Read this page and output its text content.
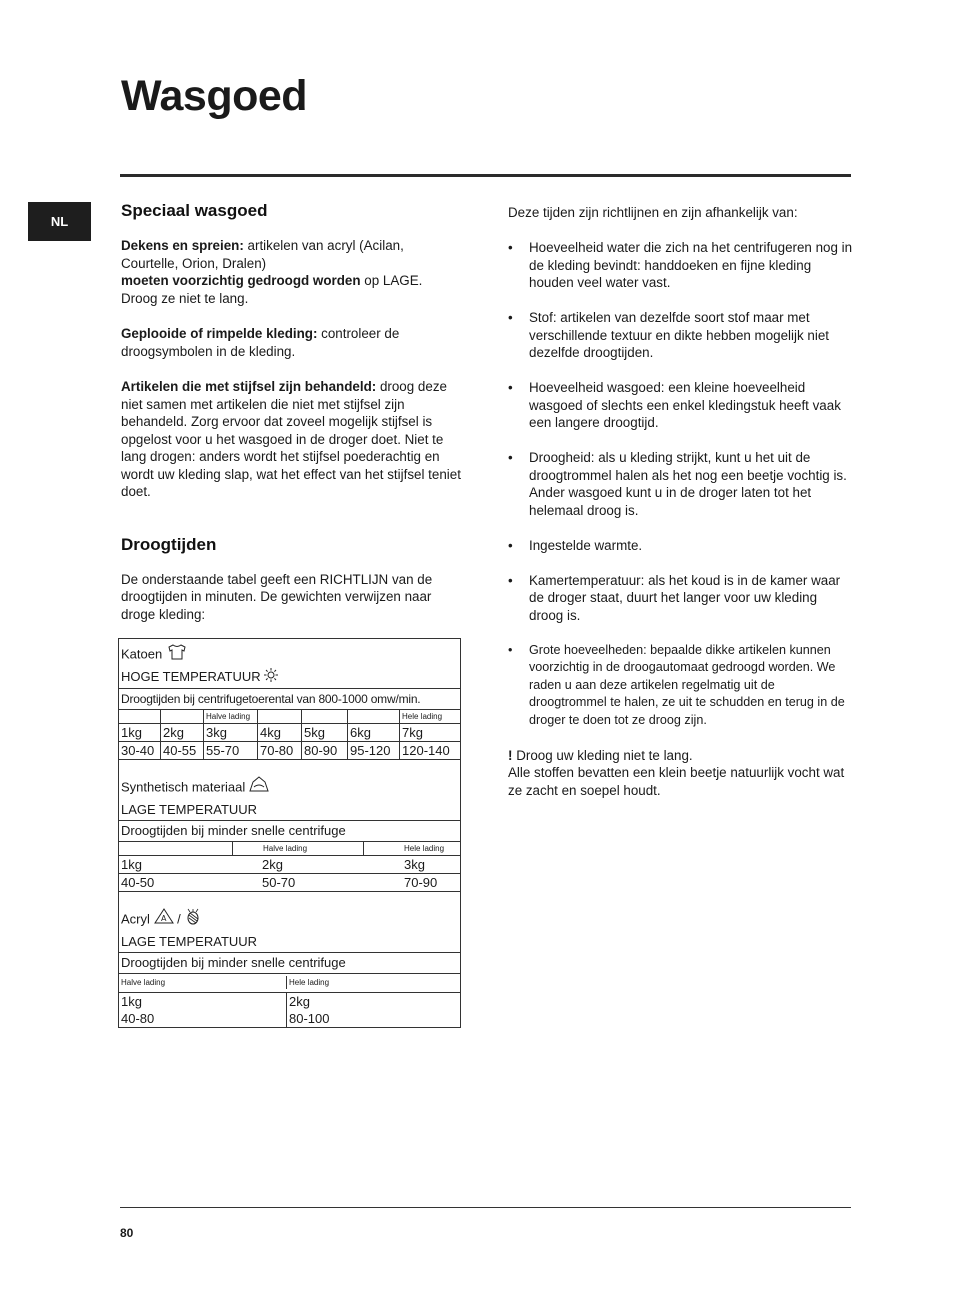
Wasgoed
NL
Speciaal wasgoed

Dekens en spreien: artikelen van acryl (Acilan, Courtelle, Orion, Dralen)
moeten voorzichtig gedroogd worden op LAGE. Droog ze niet te lang.

Geplooide of rimpelde kleding: controleer de droogsymbolen in de kleding.

Artikelen die met stijfsel zijn behandeld: droog deze niet samen met artikelen die niet met stijfsel zijn behandeld. Zorg ervoor dat zoveel mogelijk stijfsel is opgelost voor u het wasgoed in de droger doet. Niet te lang drogen: anders wordt het stijfsel poederachtig en wordt uw kleding slap, wat het effect van het stijfsel teniet doet.

Droogtijden

De onderstaande tabel geeft een RICHTLIJN van de droogtijden in minuten. De gewichten verwijzen naar droge kleding:

Katoen
HOGE TEMPERATUUR
Droogtijden bij centrifugetoerental van 800-1000 omw/min.
Halve lading	Hele lading
1kg	2kg	3kg	4kg	5kg	6kg	7kg
30-40 40-55 55-70	70-80 80-90 95-120 120-140
Synthetisch materiaal
LAGE TEMPERATUUR
Droogtijden bij minder snelle centrifuge
Halve lading	Hele lading
1kg	2kg	3kg
40-50	50-70	70-90
Acryl A /
LAGE TEMPERATUUR
Droogtijden bij minder snelle centrifuge
Halve lading	Hele lading
1kg	2kg
40-80	80-100

Deze tijden zijn richtlijnen en zijn afhankelijk van:

• Hoeveelheid water die zich na het centrifugeren nog in de kleding bevindt: handdoeken en fijne kleding houden veel water vast.
• Stof: artikelen van dezelfde soort stof maar met verschillende textuur en dikte hebben mogelijk niet dezelfde droogtijden.
• Hoeveelheid wasgoed: een kleine hoeveelheid wasgoed of slechts een enkel kledingstuk heeft vaak een langere droogtijd.
• Droogheid: als u kleding strijkt, kunt u het uit de droogtrommel halen als het nog een beetje vochtig is. Ander wasgoed kunt u in de droger laten tot het helemaal droog is.
• Ingestelde warmte.
• Kamertemperatuur: als het koud is in de kamer waar de droger staat, duurt het langer voor uw kleding droog is.
• Grote hoeveelheden: bepaalde dikke artikelen kunnen voorzichtig in de droogautomaat gedroogd worden. We raden u aan deze artikelen regelmatig uit de droogtrommel te halen, ze uit te schudden en terug in de droger te doen tot ze droog zijn.

! Droog uw kleding niet te lang.

Alle stoffen bevatten een klein beetje natuurlijk vocht wat ze zacht en soepel houdt.

80
